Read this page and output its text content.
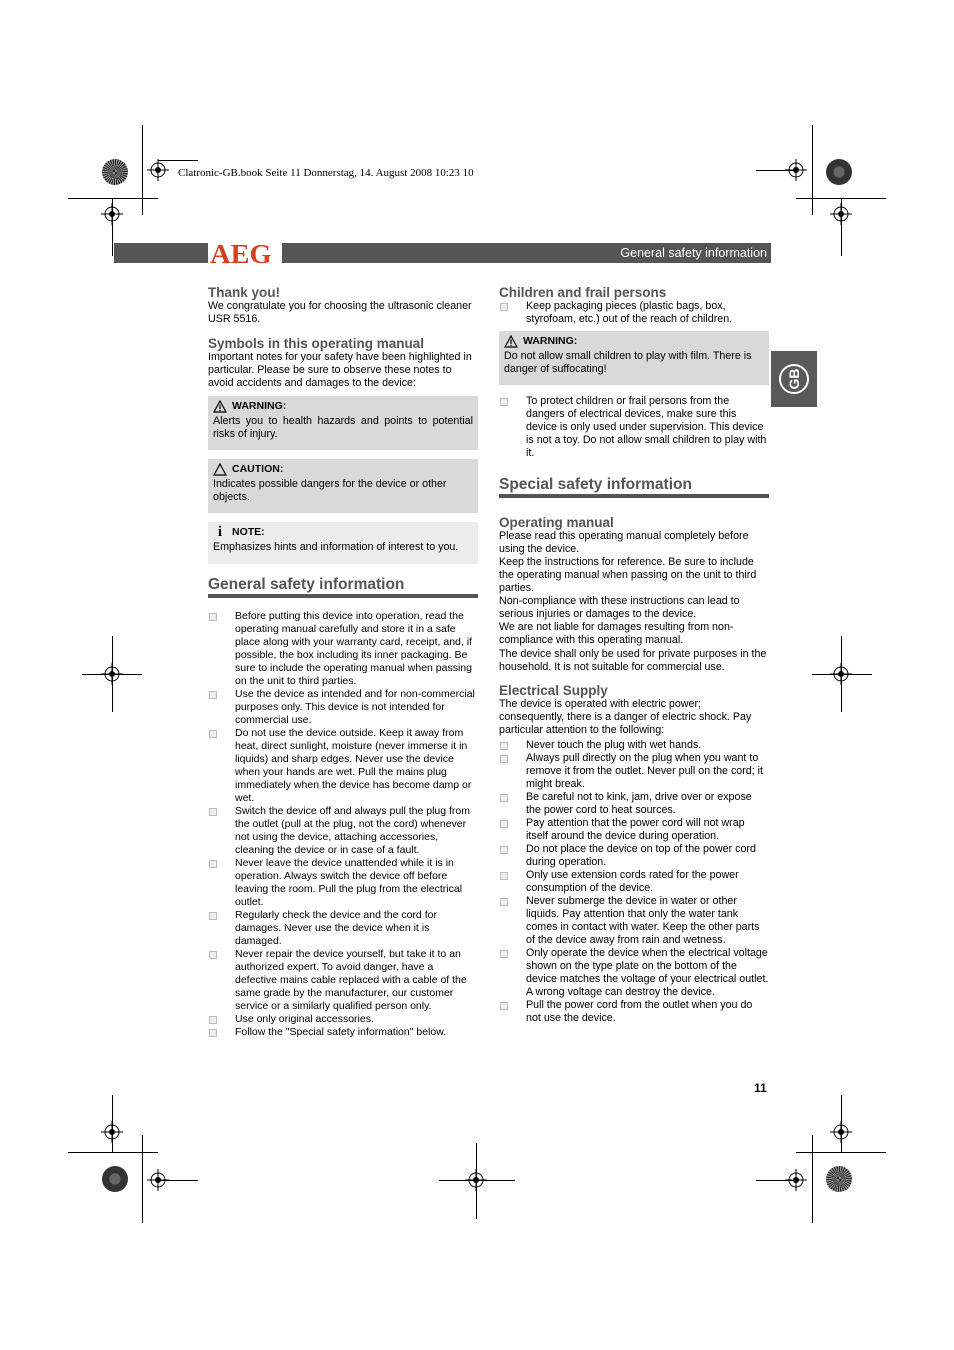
Clatronic-GB.book Seite 11 Donnerstag, 14. August 2008 10:23 10
AEG	General safety information
GB
Thank you!

We congratulate you for choosing the ultrasonic cleaner USR 5516.

Symbols in this operating manual

Important notes for your safety have been highlighted in particular. Please be sure to observe these notes to avoid accidents and damages to the device:

WARNING:

Alerts you to health hazards and points to potential risks of injury.

CAUTION:

Indicates possible dangers for the device or other objects.

i NOTE:

Emphasizes hints and information of interest to you.

General safety information
Before putting this device into operation, read the operating manual carefully and store it in a safe place along with your warranty card, receipt, and, if possible, the box including its inner packaging. Be sure to include the operating manual when passing on the unit to third parties.
Use the device as intended and for non-commercial purposes only. This device is not intended for commercial use.
Do not use the device outside. Keep it away from heat, direct sunlight, moisture (never immerse it in liquids) and sharp edges. Never use the device when your hands are wet. Pull the mains plug immediately when the device has become damp or wet.
Switch the device off and always pull the plug from the outlet (pull at the plug, not the cord) whenever not using the device, attaching accessories, cleaning the device or in case of a fault.
Never leave the device unattended while it is in operation. Always switch the device off before leaving the room. Pull the plug from the electrical outlet.
Regularly check the device and the cord for damages. Never use the device when it is damaged.
Never repair the device yourself, but take it to an authorized expert. To avoid danger, have a defective mains cable replaced with a cable of the same grade by the manufacturer, our customer service or a similarly qualified person only.
Use only original accessories.
Follow the "Special safety information" below.
Children and frail persons
Keep packaging pieces (plastic bags, box, styrofoam, etc.) out of the reach of children.
WARNING:

Do not allow small children to play with film. There is danger of suffocating!

To protect children or frail persons from the dangers of electrical devices, make sure this device is only used under supervision. This device is not a toy. Do not allow small children to play with it.
Special safety information
Operating manual

Please read this operating manual completely before using the device.

Keep the instructions for reference. Be sure to include the operating manual when passing on the unit to third parties.

Non-compliance with these instructions can lead to serious injuries or damages to the device.

We are not liable for damages resulting from non-compliance with this operating manual.

The device shall only be used for private purposes in the household. It is not suitable for commercial use.

Electrical Supply

The device is operated with electric power; consequently, there is a danger of electric shock. Pay particular attention to the following:

Never touch the plug with wet hands.
Always pull directly on the plug when you want to remove it from the outlet. Never pull on the cord; it might break.
Be careful not to kink, jam, drive over or expose the power cord to heat sources.
Pay attention that the power cord will not wrap itself around the device during operation.
Do not place the device on top of the power cord during operation.
Only use extension cords rated for the power consumption of the device.
Never submerge the device in water or other liquids. Pay attention that only the water tank comes in contact with water. Keep the other parts of the device away from rain and wetness.
Only operate the device when the electrical voltage shown on the type plate on the bottom of the device matches the voltage of your electrical outlet. A wrong voltage can destroy the device.
Pull the power cord from the outlet when you do not use the device.
11
